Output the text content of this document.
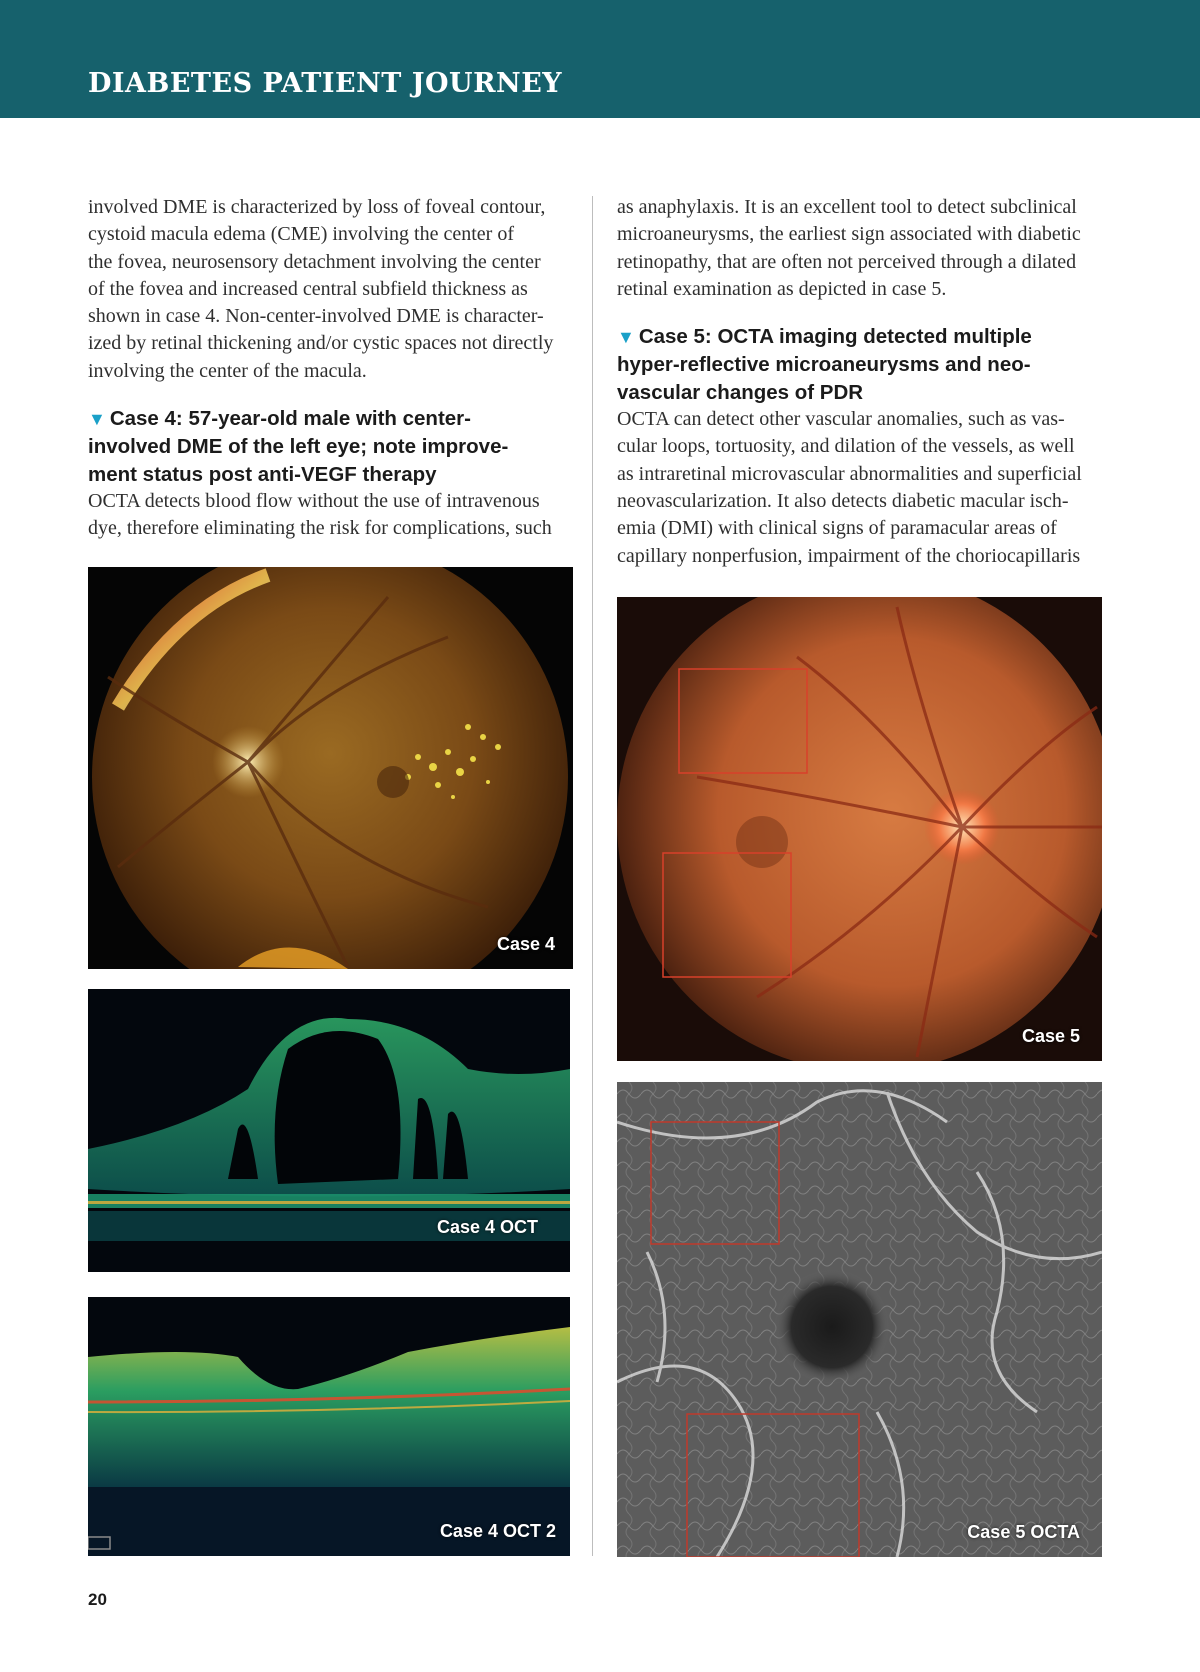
DIABETES PATIENT JOURNEY
involved DME is characterized by loss of foveal contour,
cystoid macula edema (CME) involving the center of
the fovea, neurosensory detachment involving the center
of the fovea and increased central subfield thickness as
shown in case 4. Non-center-involved DME is character-
ized by retinal thickening and/or cystic spaces not directly
involving the center of the macula.
▼ Case 4: 57-year-old male with center-
involved DME of the left eye; note improve-
ment status post anti-VEGF therapy
OCTA detects blood flow without the use of intravenous
dye, therefore eliminating the risk for complications, such
as anaphylaxis. It is an excellent tool to detect subclinical
microaneurysms, the earliest sign associated with diabetic
retinopathy, that are often not perceived through a dilated
retinal examination as depicted in case 5.
▼ Case 5: OCTA imaging detected multiple
hyper-reflective microaneurysms and neo-
vascular changes of PDR
OCTA can detect other vascular anomalies, such as vas-
cular loops, tortuosity, and dilation of the vessels, as well
as intraretinal microvascular abnormalities and superficial
neovascularization. It also detects diabetic macular isch-
emia (DMI) with clinical signs of paramacular areas of
capillary nonperfusion, impairment of the choriocapillaris
Case 4
Case 4 OCT
Case 4 OCT 2
Case 5
Case 5 OCTA
20
